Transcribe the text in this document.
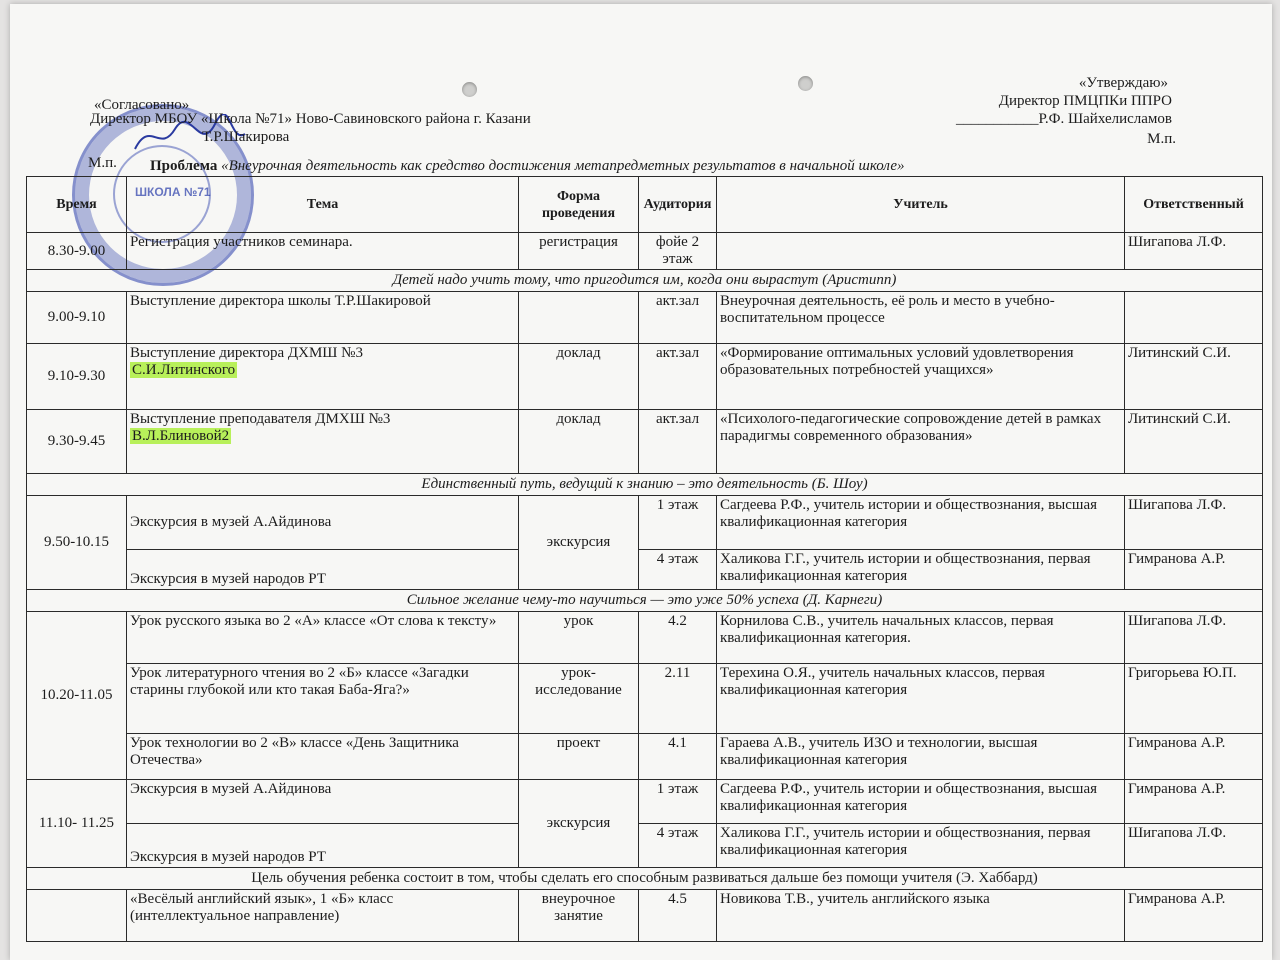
ШКОЛА №71
«Согласовано»
Директор МБОУ «Школа №71» Ново-Савиновского района г. Казани
Т.Р.Шакирова
М.п.
«Утверждаю»
Директор ПМЦПКи ППРО
___________Р.Ф. Шайхелисламов
М.п.
Проблема «Внеурочная деятельность как средство достижения метапредметных результатов в начальной школе»
Время	Тема	Форма проведения	Аудитория	Учитель	Ответственный
8.30-9.00	Регистрация участников семинара.	регистрация	фойе 2 этаж		Шигапова Л.Ф.
Детей надо учить тому, что пригодится им, когда они вырастут (Аристипп)					
9.00-9.10	Выступление директора школы Т.Р.Шакировой		акт.зал	Внеурочная деятельность, её роль и место в учебно-воспитательном процессе	
9.10-9.30	Выступление директора ДХМШ №3
С.И.Литинского	доклад	акт.зал	«Формирование оптимальных условий удовлетворения образовательных потребностей учащихся»	Литинский С.И.
9.30-9.45	Выступление преподавателя ДМХШ №3
В.Л.Блиновой2	доклад	акт.зал	«Психолого-педагогические сопровождение детей в рамках парадигмы современного образования»	Литинский С.И.
Единственный путь, ведущий к знанию – это деятельность (Б. Шоу)					
9.50-10.15	Экскурсия в музей А.Айдинова	экскурсия	1 этаж	Сагдеева Р.Ф., учитель истории и обществознания, высшая квалификационная категория	Шигапова Л.Ф.
	Экскурсия в музей народов РТ		4 этаж	Халикова Г.Г., учитель истории и обществознания, первая квалификационная категория	Гимранова А.Р.
Сильное желание чему-то научиться — это уже 50% успеха (Д. Карнеги)					
10.20-11.05	Урок русского языка во 2 «А» классе «От слова к тексту»	урок	4.2	Корнилова С.В., учитель начальных классов, первая квалификационная категория.	Шигапова Л.Ф.
	Урок литературного чтения во 2 «Б» классе «Загадки старины глубокой или кто такая Баба-Яга?»	урок-исследование	2.11	Терехина О.Я., учитель начальных классов, первая квалификационная категория	Григорьева Ю.П.
	Урок технологии во 2 «В» классе «День Защитника Отечества»	проект	4.1	Гараева А.В., учитель ИЗО и технологии, высшая квалификационная категория	Гимранова А.Р.
11.10- 11.25	Экскурсия в музей А.Айдинова	экскурсия	1 этаж	Сагдеева Р.Ф., учитель истории и обществознания, высшая квалификационная категория	Гимранова А.Р.
	Экскурсия в музей народов РТ		4 этаж	Халикова Г.Г., учитель истории и обществознания, первая квалификационная категория	Шигапова Л.Ф.
Цель обучения ребенка состоит в том, чтобы сделать его способным развиваться дальше без помощи учителя (Э. Хаббард)					
	«Весёлый английский язык», 1 «Б» класс (интеллектуальное направление)	внеурочное занятие	4.5	Новикова Т.В., учитель английского языка	Гимранова А.Р.
